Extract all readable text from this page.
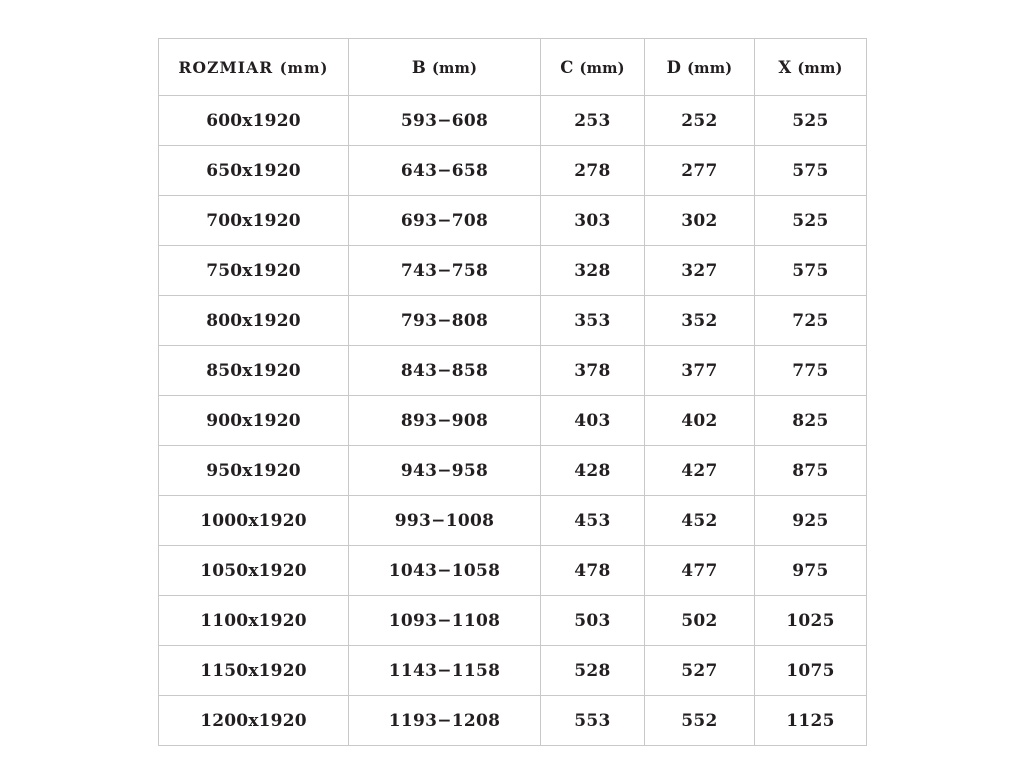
ROZMIAR (mm)	B (mm)	C (mm)	D (mm)	X (mm)
600x1920	593−608	253	252	525
650x1920	643−658	278	277	575
700x1920	693−708	303	302	525
750x1920	743−758	328	327	575
800x1920	793−808	353	352	725
850x1920	843−858	378	377	775
900x1920	893−908	403	402	825
950x1920	943−958	428	427	875
1000x1920	993−1008	453	452	925
1050x1920	1043−1058	478	477	975
1100x1920	1093−1108	503	502	1025
1150x1920	1143−1158	528	527	1075
1200x1920	1193−1208	553	552	1125
